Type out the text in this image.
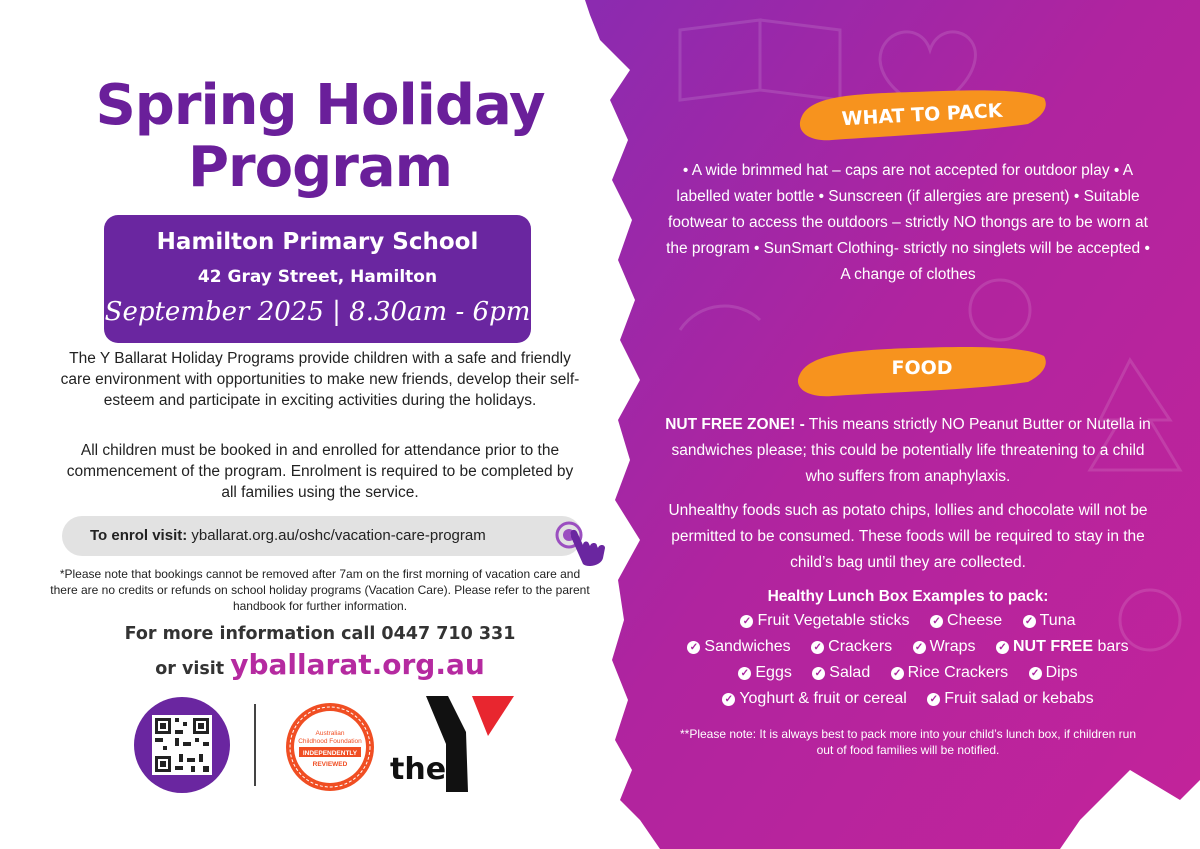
Spring Holiday
Program
Hamilton Primary School
42 Gray Street, Hamilton
September 2025 | 8.30am - 6pm
The Y Ballarat Holiday Programs provide children with a safe and friendly care environment with opportunities to make new friends, develop their self-esteem and participate in exciting activities during the holidays.
All children must be booked in and enrolled for attendance prior to the commencement of the program. Enrolment is required to be completed by all families using the service.
To enrol visit: yballarat.org.au/oshc/vacation-care-program
*Please note that bookings cannot be removed after 7am on the first morning of vacation care and there are no credits or refunds on school holiday programs (Vacation Care). Please refer to the parent handbook for further information.
For more information call 0447 710 331
or visit yballarat.org.au
Australian
Childhood Foundation
INDEPENDENTLY
REVIEWED the
WHAT TO PACK
• A wide brimmed hat – caps are not accepted for outdoor play • A labelled water bottle • Sunscreen (if allergies are present) • Suitable footwear to access the outdoors – strictly NO thongs are to be worn at the program • SunSmart Clothing- strictly no singlets will be accepted • A change of clothes
FOOD
NUT FREE ZONE! - This means strictly NO Peanut Butter or Nutella in sandwiches please; this could be potentially life threatening to a child who suffers from anaphylaxis.
Unhealthy foods such as potato chips, lollies and chocolate will not be permitted to be consumed. These foods will be required to stay in the child’s bag until they are collected.
Healthy Lunch Box Examples to pack:
✓ Fruit Vegetable sticks ✓ Cheese ✓ Tuna
✓ Sandwiches ✓ Crackers ✓ Wraps ✓ NUT FREE bars
✓ Eggs ✓ Salad ✓ Rice Crackers ✓ Dips
✓ Yoghurt & fruit or cereal ✓ Fruit salad or kebabs
**Please note: It is always best to pack more into your child’s lunch box, if children run out of food families will be notified.
